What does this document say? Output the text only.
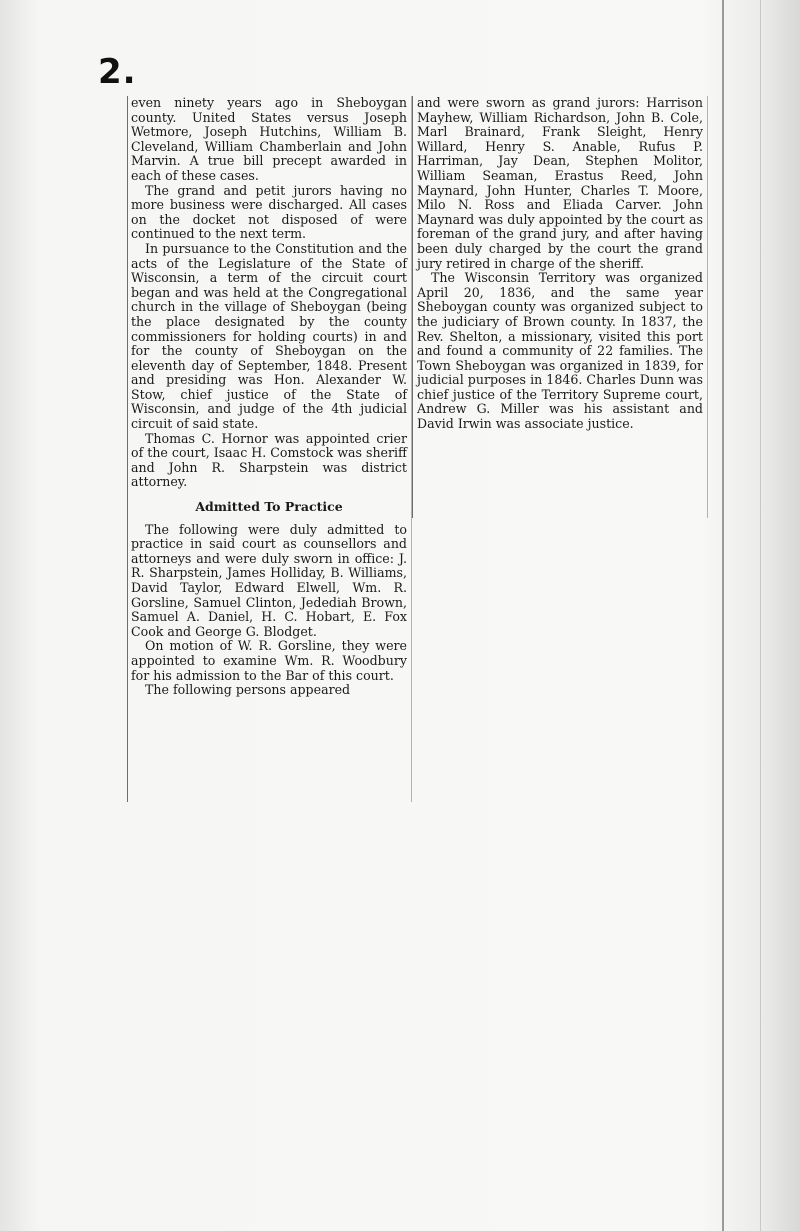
2.

even ninety years ago in Sheboygan county. United States versus Joseph Wetmore, Joseph Hutchins, William B. Cleveland, William Chamberlain and John Marvin. A true bill precept awarded in each of these cases.

The grand and petit jurors having no more business were discharged. All cases on the docket not disposed of were continued to the next term.

In pursuance to the Constitution and the acts of the Legislature of the State of Wisconsin, a term of the circuit court began and was held at the Congregational church in the village of Sheboygan (being the place designated by the county commissioners for holding courts) in and for the county of Sheboygan on the eleventh day of September, 1848. Present and presiding was Hon. Alexander W. Stow, chief justice of the State of Wisconsin, and judge of the 4th judicial circuit of said state.

Thomas C. Hornor was appointed crier of the court, Isaac H. Comstock was sheriff and John R. Sharpstein was district attorney.

Admitted To Practice

The following were duly admitted to practice in said court as counsellors and attorneys and were duly sworn in office: J. R. Sharpstein, James Holliday, B. Williams, David Taylor, Edward Elwell, Wm. R. Gorsline, Samuel Clinton, Jedediah Brown, Samuel A. Daniel, H. C. Hobart, E. Fox Cook and George G. Blodget.

On motion of W. R. Gorsline, they were appointed to examine Wm. R. Woodbury for his admission to the Bar of this court.

The following persons appeared

and were sworn as grand jurors: Harrison Mayhew, William Richardson, John B. Cole, Marl Brainard, Frank Sleight, Henry Willard, Henry S. Anable, Rufus P. Harriman, Jay Dean, Stephen Molitor, William Seaman, Erastus Reed, John Maynard, John Hunter, Charles T. Moore, Milo N. Ross and Eliada Carver. John Maynard was duly appointed by the court as foreman of the grand jury, and after having been duly charged by the court the grand jury retired in charge of the sheriff.

The Wisconsin Territory was organized April 20, 1836, and the same year Sheboygan county was organized subject to the judiciary of Brown county. In 1837, the Rev. Shelton, a missionary, visited this port and found a community of 22 families. The Town Sheboygan was organized in 1839, for judicial purposes in 1846. Charles Dunn was chief justice of the Territory Supreme court, Andrew G. Miller was his assistant and David Irwin was associate justice.
